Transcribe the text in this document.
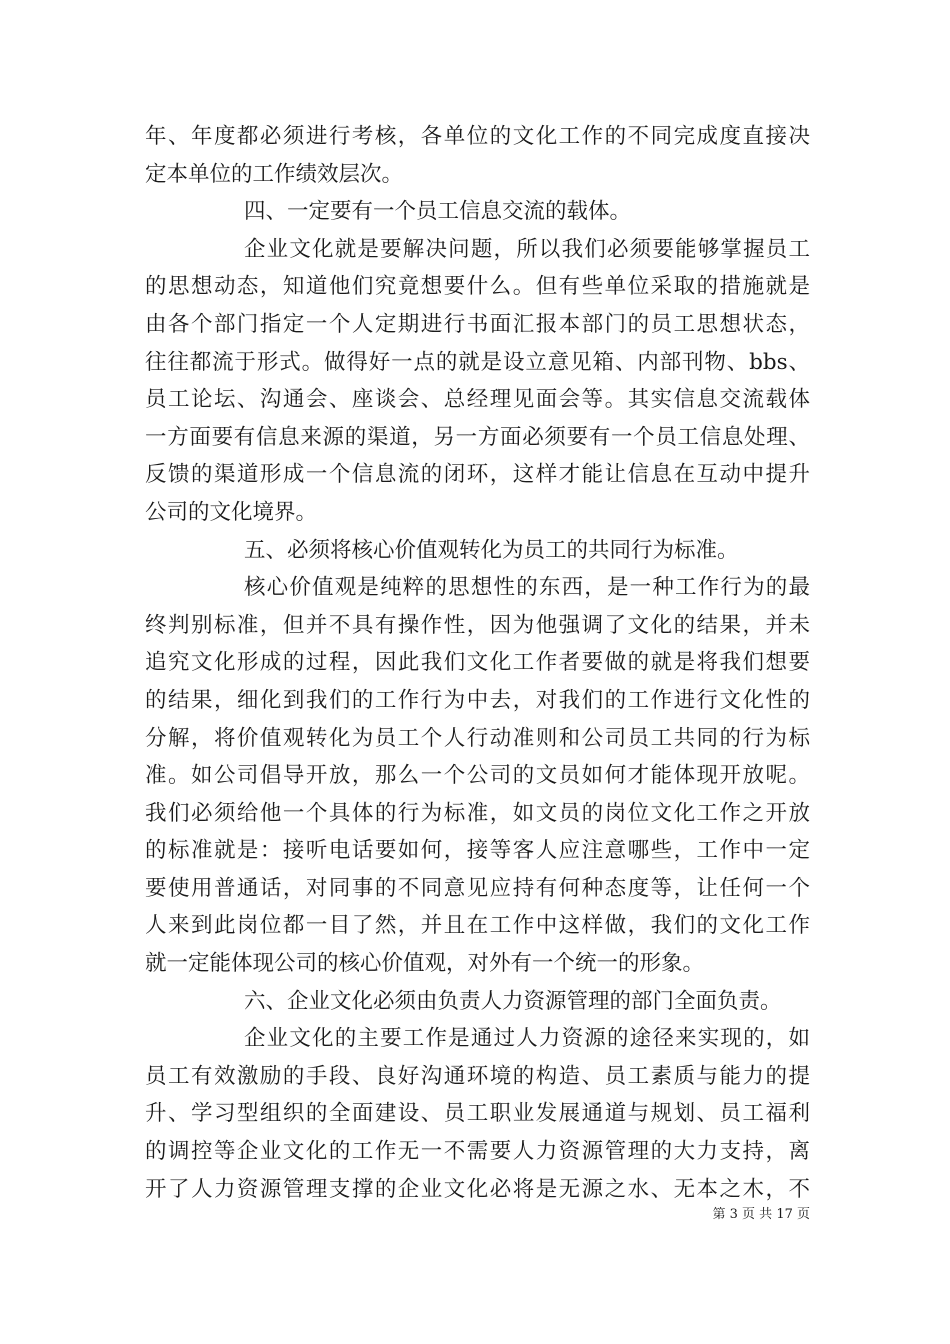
年、年度都必须进行考核，各单位的文化工作的不同完成度直接决
定本单位的工作绩效层次。
四、一定要有一个员工信息交流的载体。
企业文化就是要解决问题，所以我们必须要能够掌握员工
的思想动态，知道他们究竟想要什么。但有些单位采取的措施就是
由各个部门指定一个人定期进行书面汇报本部门的员工思想状态，
往往都流于形式。做得好一点的就是设立意见箱、内部刊物、bbs、
员工论坛、沟通会、座谈会、总经理见面会等。其实信息交流载体
一方面要有信息来源的渠道，另一方面必须要有一个员工信息处理、
反馈的渠道形成一个信息流的闭环，这样才能让信息在互动中提升
公司的文化境界。
五、必须将核心价值观转化为员工的共同行为标准。
核心价值观是纯粹的思想性的东西，是一种工作行为的最
终判别标准，但并不具有操作性，因为他强调了文化的结果，并未
追究文化形成的过程，因此我们文化工作者要做的就是将我们想要
的结果，细化到我们的工作行为中去，对我们的工作进行文化性的
分解，将价值观转化为员工个人行动准则和公司员工共同的行为标
准。如公司倡导开放，那么一个公司的文员如何才能体现开放呢。
我们必须给他一个具体的行为标准，如文员的岗位文化工作之开放
的标准就是：接听电话要如何，接等客人应注意哪些，工作中一定
要使用普通话，对同事的不同意见应持有何种态度等，让任何一个
人来到此岗位都一目了然，并且在工作中这样做，我们的文化工作
就一定能体现公司的核心价值观，对外有一个统一的形象。
六、企业文化必须由负责人力资源管理的部门全面负责。
企业文化的主要工作是通过人力资源的途径来实现的，如
员工有效激励的手段、良好沟通环境的构造、员工素质与能力的提
升、学习型组织的全面建设、员工职业发展通道与规划、员工福利
的调控等企业文化的工作无一不需要人力资源管理的大力支持，离
开了人力资源管理支撑的企业文化必将是无源之水、无本之木，不
第 3 页 共 17 页
